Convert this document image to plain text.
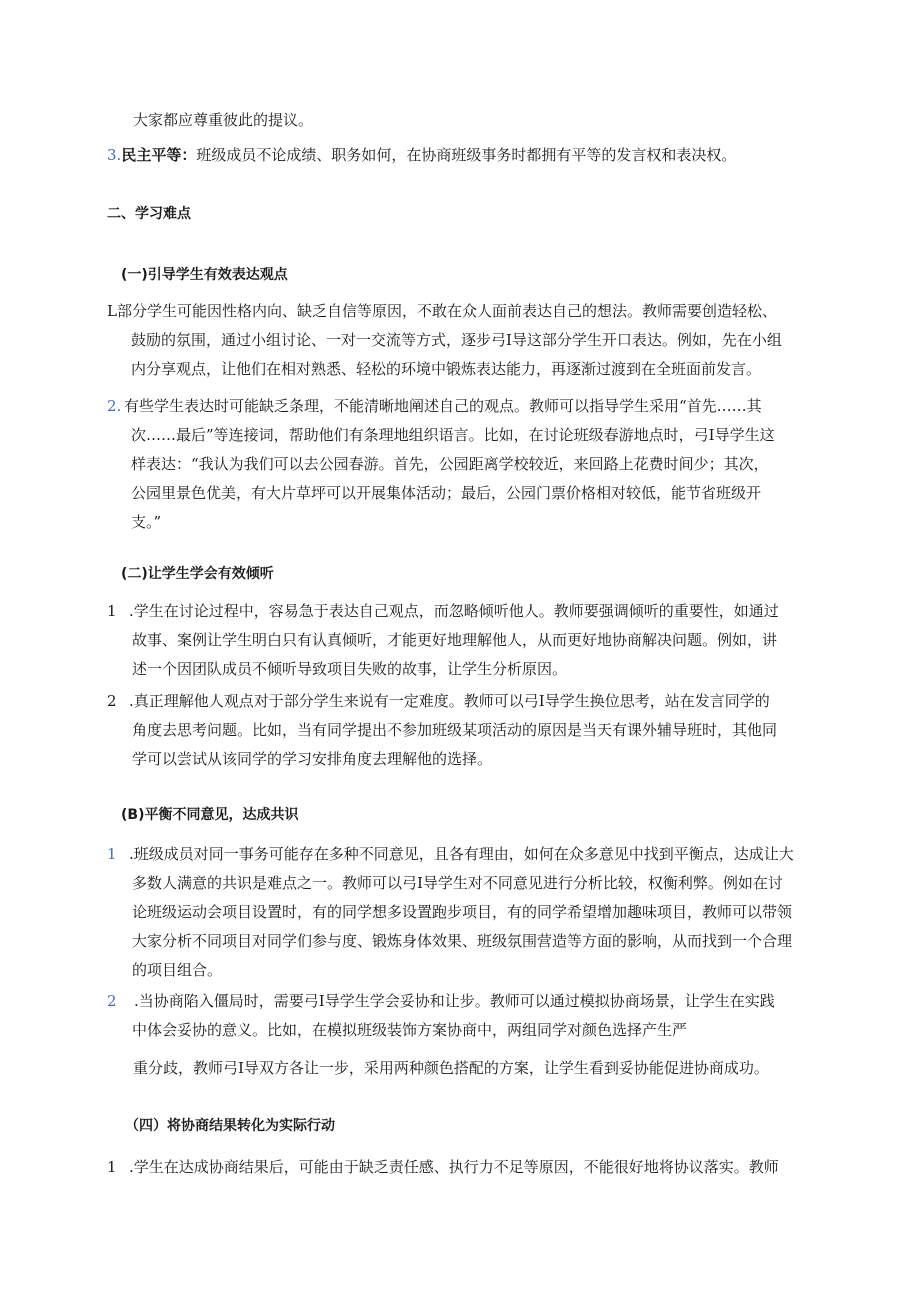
大家都应尊重彼此的提议。
3.民主平等：班级成员不论成绩、职务如何，在协商班级事务时都拥有平等的发言权和表决权。
二、学习难点
(一)引导学生有效表达观点
L部分学生可能因性格内向、缺乏自信等原因，不敢在众人面前表达自己的想法。教师需要创造轻松、
鼓励的氛围，通过小组讨论、一对一交流等方式，逐步弓I导这部分学生开口表达。例如，先在小组
内分享观点，让他们在相对熟悉、轻松的环境中锻炼表达能力，再逐渐过渡到在全班面前发言。
2. 有些学生表达时可能缺乏条理，不能清晰地阐述自己的观点。教师可以指导学生采用“首先……其
次……最后”等连接词，帮助他们有条理地组织语言。比如，在讨论班级春游地点时，弓I导学生这
样表达：“我认为我们可以去公园春游。首先，公园距离学校较近，来回路上花费时间少；其次，
公园里景色优美，有大片草坪可以开展集体活动；最后，公园门票价格相对较低，能节省班级开
支。”
(二)让学生学会有效倾听
1 .学生在讨论过程中，容易急于表达自己观点，而忽略倾听他人。教师要强调倾听的重要性，如通过
故事、案例让学生明白只有认真倾听，才能更好地理解他人，从而更好地协商解决问题。例如，讲
述一个因团队成员不倾听导致项目失败的故事，让学生分析原因。
2 .真正理解他人观点对于部分学生来说有一定难度。教师可以弓I导学生换位思考，站在发言同学的
角度去思考问题。比如，当有同学提出不参加班级某项活动的原因是当天有课外辅导班时，其他同
学可以尝试从该同学的学习安排角度去理解他的选择。
(B)平衡不同意见，达成共识
1 .班级成员对同一事务可能存在多种不同意见，且各有理由，如何在众多意见中找到平衡点，达成让大
多数人满意的共识是难点之一。教师可以弓I导学生对不同意见进行分析比较，权衡利弊。例如在讨
论班级运动会项目设置时，有的同学想多设置跑步项目，有的同学希望增加趣味项目，教师可以带领
大家分析不同项目对同学们参与度、锻炼身体效果、班级氛围营造等方面的影响，从而找到一个合理
的项目组合。
2 .当协商陷入僵局时，需要弓I导学生学会妥协和让步。教师可以通过模拟协商场景，让学生在实践
中体会妥协的意义。比如，在模拟班级装饰方案协商中，两组同学对颜色选择产生严
重分歧，教师弓I导双方各让一步，采用两种颜色搭配的方案，让学生看到妥协能促进协商成功。
（四）将协商结果转化为实际行动
1 .学生在达成协商结果后，可能由于缺乏责任感、执行力不足等原因，不能很好地将协议落实。教师
